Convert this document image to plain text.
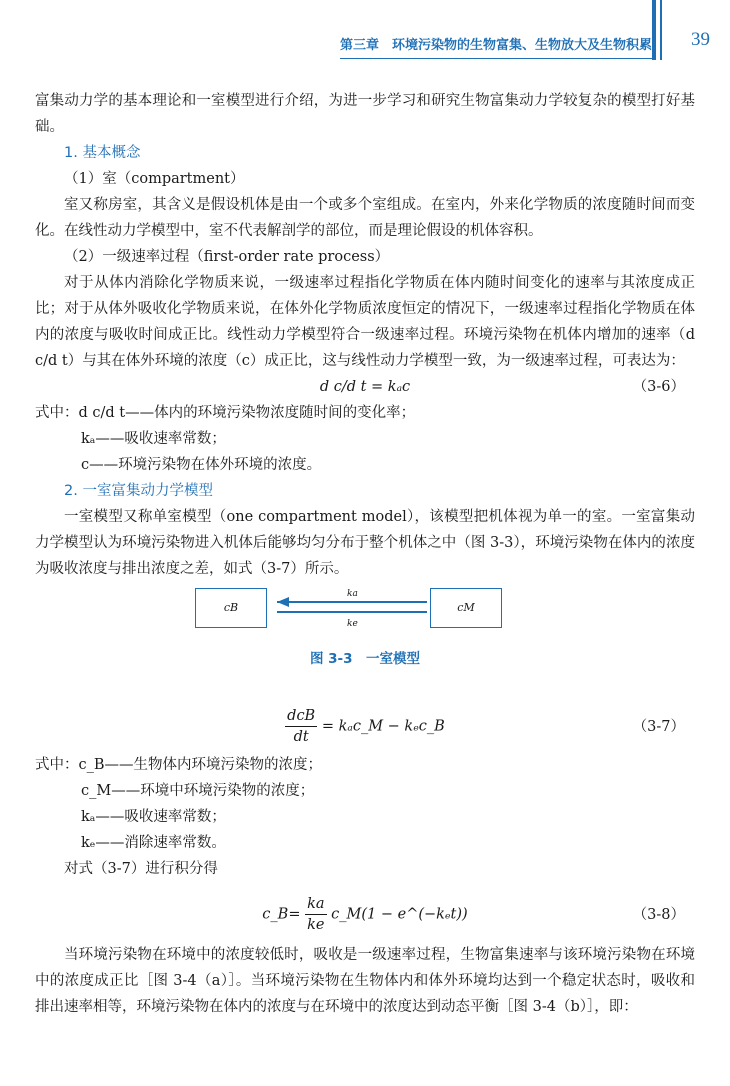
第三章　环境污染物的生物富集、生物放大及生物积累 39

富集动力学的基本理论和一室模型进行介绍，为进一步学习和研究生物富集动力学较复杂的模型打好基础。

1. 基本概念

（1）室（compartment）

室又称房室，其含义是假设机体是由一个或多个室组成。在室内，外来化学物质的浓度随时间而变化。在线性动力学模型中，室不代表解剖学的部位，而是理论假设的机体容积。

（2）一级速率过程（first-order rate process）

对于从体内消除化学物质来说，一级速率过程指化学物质在体内随时间变化的速率与其浓度成正比；对于从体外吸收化学物质来说，在体外化学物质浓度恒定的情况下，一级速率过程指化学物质在体内的浓度与吸收时间成正比。线性动力学模型符合一级速率过程。环境污染物在机体内增加的速率（d c/d t）与其在体外环境的浓度（c）成正比，这与线性动力学模型一致，为一级速率过程，可表达为：

d c/d t = kₐc	（3-6）

式中：d c/d t——体内的环境污染物浓度随时间的变化率；

kₐ——吸收速率常数；

c——环境污染物在体外环境的浓度。

2. 一室富集动力学模型

一室模型又称单室模型（one compartment model），该模型把机体视为单一的室。一室富集动力学模型认为环境污染物进入机体后能够均匀分布于整个机体之中（图 3-3），环境污染物在体内的浓度为吸收浓度与排出浓度之差，如式（3-7）所示。

cB	cM
ka
ke
图 3-3　一室模型
$\frac{\text{dcB}}{dt}$ = kₐc_M − kₑc_B	（3-7）

式中：c_B——生物体内环境污染物的浓度；

c_M——环境中环境污染物的浓度；

kₐ——吸收速率常数；

kₑ——消除速率常数。

对式（3-7）进行积分得

c_B= $\frac{ka}{ke}$ c_M(1 − e^(−kₑt))	（3-8）

当环境污染物在环境中的浓度较低时，吸收是一级速率过程，生物富集速率与该环境污染物在环境中的浓度成正比［图 3-4（a）］。当环境污染物在生物体内和体外环境均达到一个稳定状态时，吸收和排出速率相等，环境污染物在体内的浓度与在环境中的浓度达到动态平衡［图 3-4（b）］，即：
